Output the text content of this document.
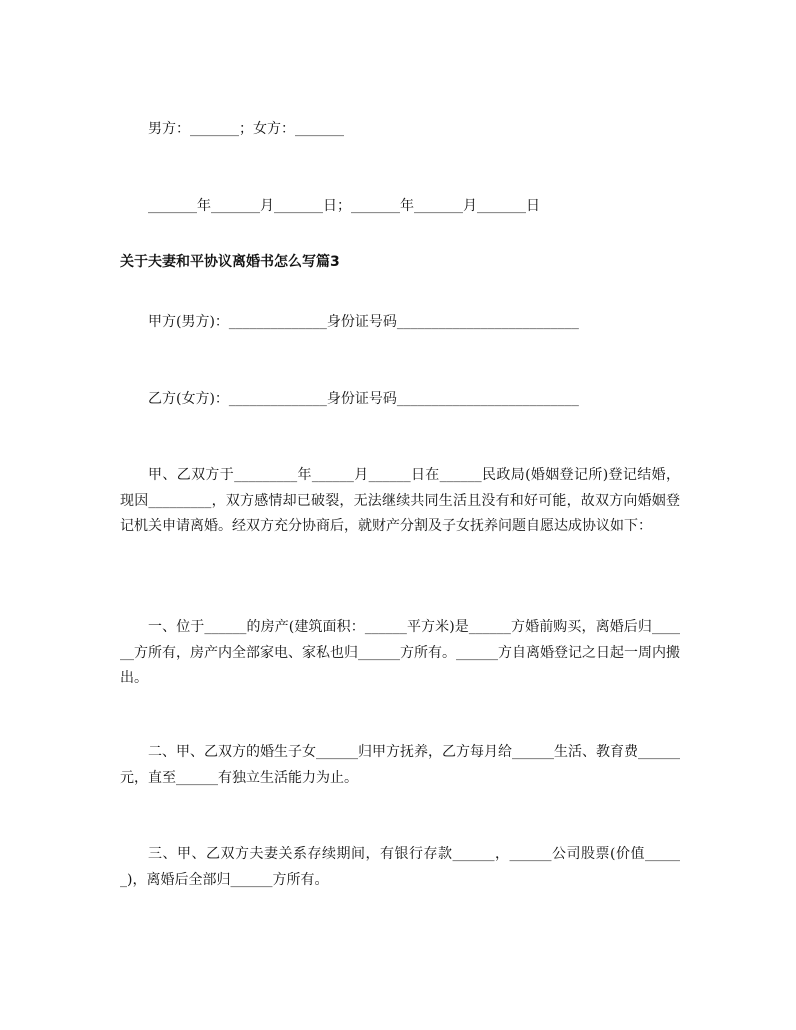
男方：_______；女方：_______
_______年_______月_______日；_______年_______月_______日
关于夫妻和平协议离婚书怎么写篇3
甲方(男方)：______________身份证号码__________________________
乙方(女方)：______________身份证号码__________________________
甲、乙双方于_________年______月______日在______民政局(婚姻登记所)登记结婚，现因_________，双方感情却已破裂，无法继续共同生活且没有和好可能，故双方向婚姻登记机关申请离婚。经双方充分协商后，就财产分割及子女抚养问题自愿达成协议如下：
一、位于______的房产(建筑面积：______平方米)是______方婚前购买，离婚后归______方所有，房产内全部家电、家私也归______方所有。______方自离婚登记之日起一周内搬出。
二、甲、乙双方的婚生子女______归甲方抚养，乙方每月给______生活、教育费______元，直至______有独立生活能力为止。
三、甲、乙双方夫妻关系存续期间，有银行存款______，______公司股票(价值______)，离婚后全部归______方所有。
